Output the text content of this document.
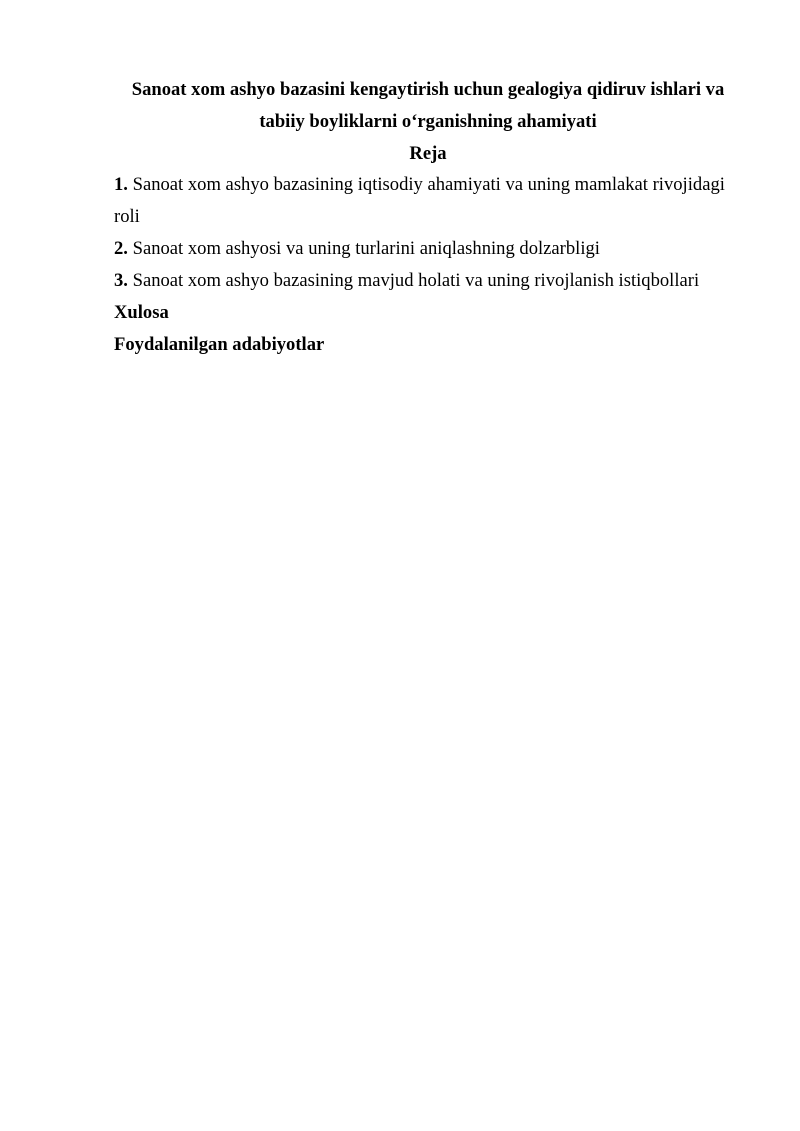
Sanoat xom ashyo bazasini kengaytirish uchun gealogiya qidiruv ishlari va
tabiiy boyliklarni o‘rganishning ahamiyati
Reja
1. Sanoat xom ashyo bazasining iqtisodiy ahamiyati va uning mamlakat rivojidagi
roli
2. Sanoat xom ashyosi va uning turlarini aniqlashning dolzarbligi
3. Sanoat xom ashyo bazasining mavjud holati va uning rivojlanish istiqbollari
Xulosa
Foydalanilgan adabiyotlar
